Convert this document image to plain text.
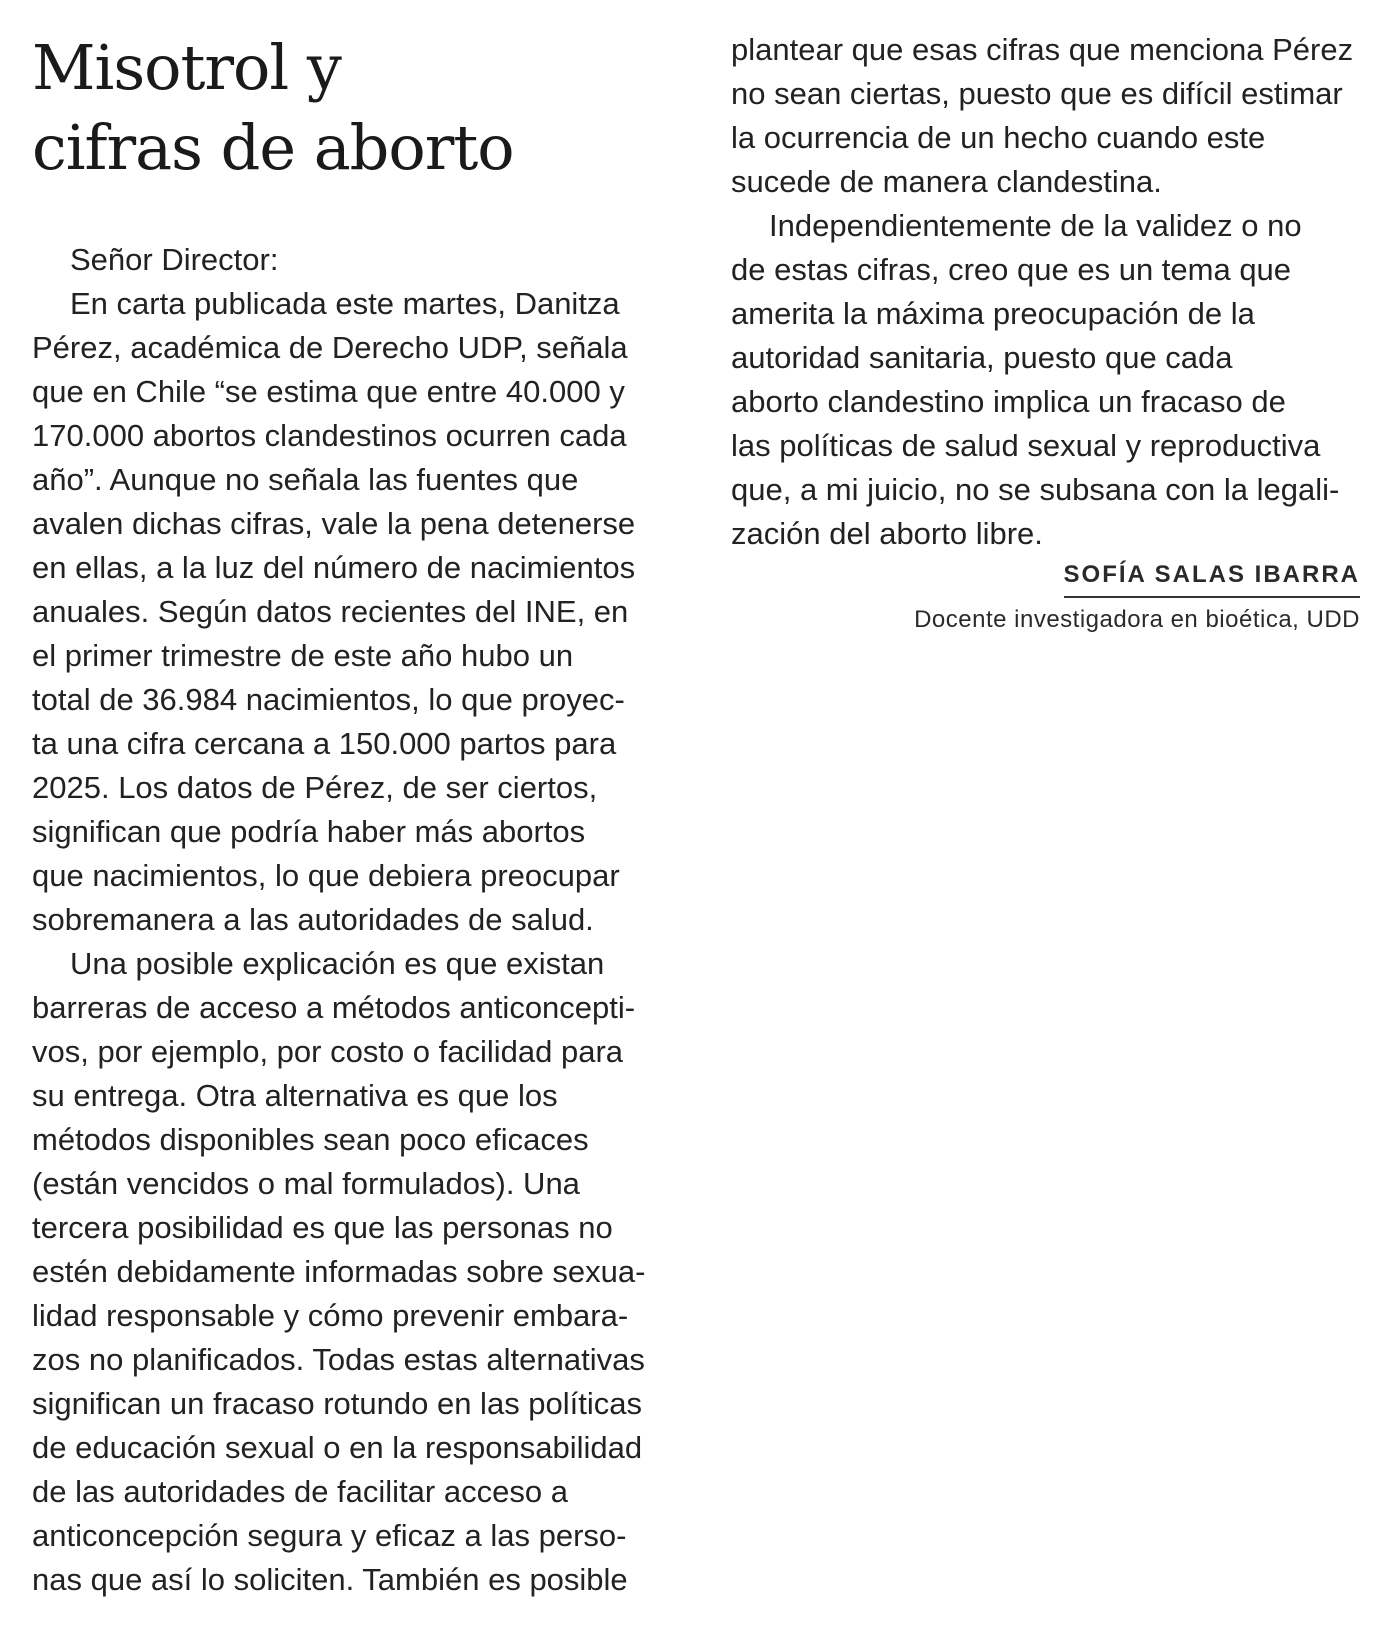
Misotrol y
cifras de aborto
Señor Director:
En carta publicada este martes, Danitza
Pérez, académica de Derecho UDP, señala
que en Chile “se estima que entre 40.000 y
170.000 abortos clandestinos ocurren cada
año”. Aunque no señala las fuentes que
avalen dichas cifras, vale la pena detenerse
en ellas, a la luz del número de nacimientos
anuales. Según datos recientes del INE, en
el primer trimestre de este año hubo un
total de 36.984 nacimientos, lo que proyec-
ta una cifra cercana a 150.000 partos para
2025. Los datos de Pérez, de ser ciertos,
significan que podría haber más abortos
que nacimientos, lo que debiera preocupar
sobremanera a las autoridades de salud.
Una posible explicación es que existan
barreras de acceso a métodos anticoncepti-
vos, por ejemplo, por costo o facilidad para
su entrega. Otra alternativa es que los
métodos disponibles sean poco eficaces
(están vencidos o mal formulados). Una
tercera posibilidad es que las personas no
estén debidamente informadas sobre sexua-
lidad responsable y cómo prevenir embara-
zos no planificados. Todas estas alternativas
significan un fracaso rotundo en las políticas
de educación sexual o en la responsabilidad
de las autoridades de facilitar acceso a
anticoncepción segura y eficaz a las perso-
nas que así lo soliciten. También es posible
plantear que esas cifras que menciona Pérez
no sean ciertas, puesto que es difícil estimar
la ocurrencia de un hecho cuando este
sucede de manera clandestina.
Independientemente de la validez o no
de estas cifras, creo que es un tema que
amerita la máxima preocupación de la
autoridad sanitaria, puesto que cada
aborto clandestino implica un fracaso de
las políticas de salud sexual y reproductiva
que, a mi juicio, no se subsana con la legali-
zación del aborto libre.
SOFÍA SALAS IBARRA
Docente investigadora en bioética, UDD
